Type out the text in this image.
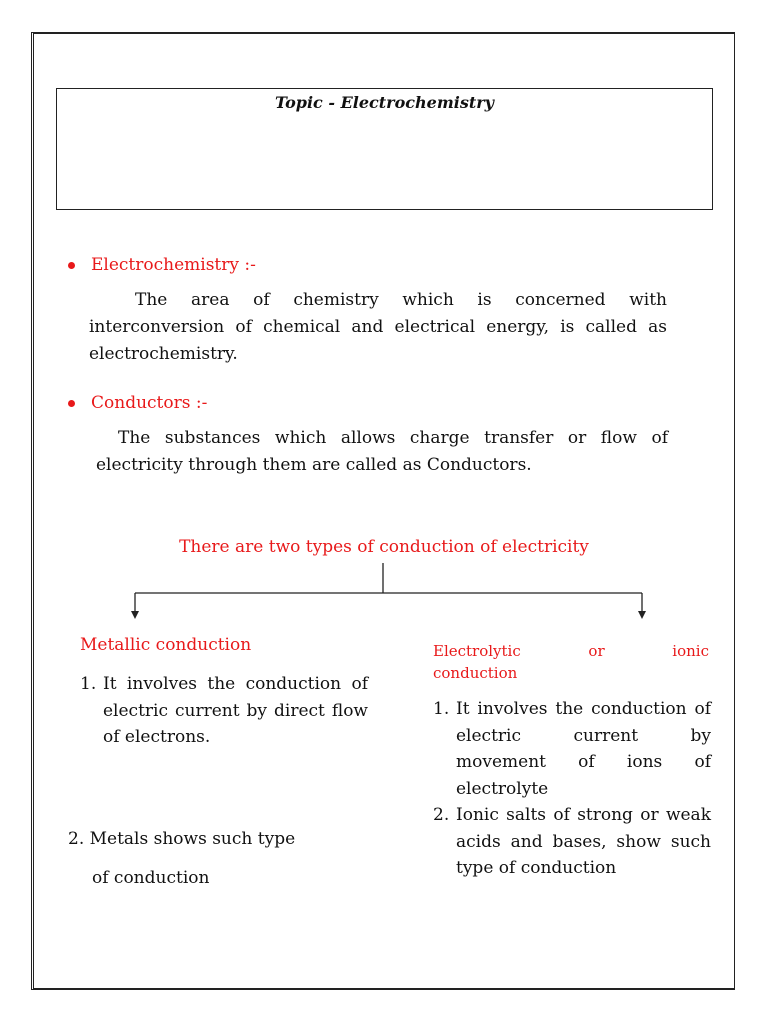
Topic - Electrochemistry
Electrochemistry :-
The area of chemistry which is concerned with interconversion of chemical and electrical energy, is called as electrochemistry.
Conductors :-
The substances which allows charge transfer or flow of electricity through them are called as Conductors.
There are two types of conduction of electricity
Metallic conduction
1. It involves the conduction of electric current by direct flow of electrons.
2. Metals shows such type
of conduction
Electrolytic or ionic
conduction
1. It involves the conduction of electric current by movement of ions of electrolyte
2. Ionic salts of strong or weak acids and bases, show such type of conduction
